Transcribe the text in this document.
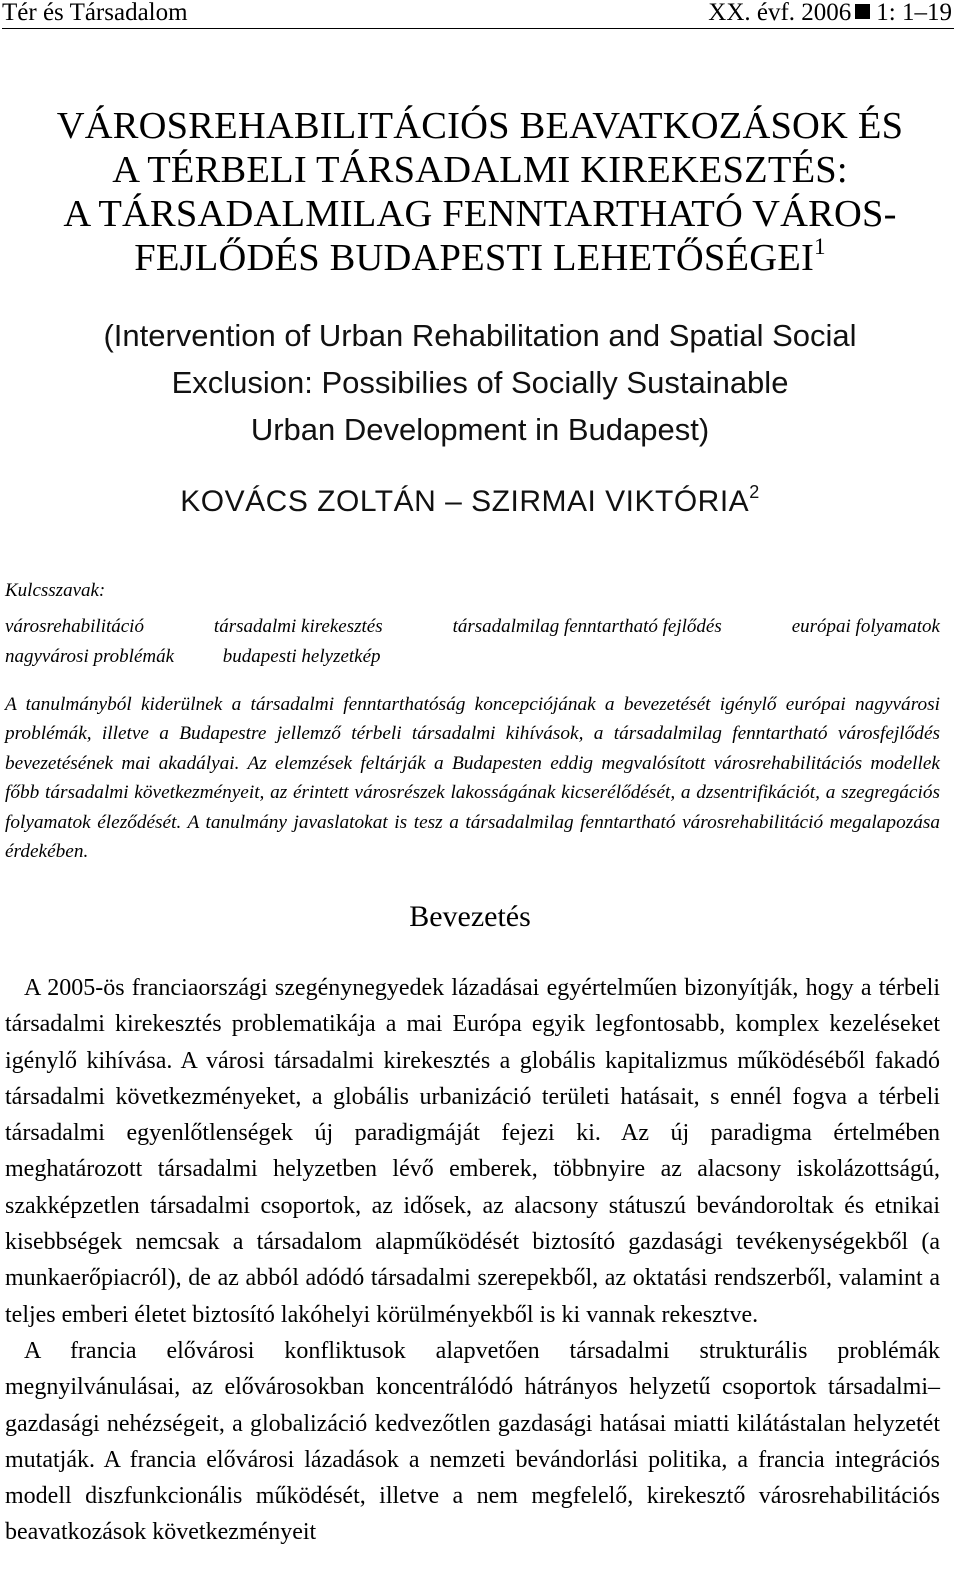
Tér és Társadalom	XX. évf. 2006 1: 1–19
VÁROSREHABILITÁCIÓS BEAVATKOZÁSOK ÉS
A TÉRBELI TÁRSADALMI KIREKESZTÉS:
A TÁRSADALMILAG FENNTARTHATÓ VÁROS-
FEJLŐDÉS BUDAPESTI LEHETŐSÉGEI$^1$
(Intervention of Urban Rehabilitation and Spatial Social
Exclusion: Possibilies of Socially Sustainable
Urban Development in Budapest)
KOVÁCS ZOLTÁN – SZIRMAI VIKTÓRIA$^2$
Kulcsszavak:
városrehabilitáció	társadalmi kirekesztés	társadalmilag fenntartható fejlődés	európai folyamatok
nagyvárosi problémák	budapesti helyzetkép

A tanulmányból kiderülnek a társadalmi fenntarthatóság koncepciójának a bevezetését igénylő európai nagyvárosi problémák, illetve a Budapestre jellemző térbeli társadalmi kihívások, a társadalmilag fenntartható városfejlődés bevezetésének mai akadályai. Az elemzések feltárják a Budapesten eddig megvalósított városrehabilitációs modellek főbb társadalmi következményeit, az érintett városrészek lakosságának kicserélődését, a dzsentrifikációt, a szegregációs folyamatok éleződését. A tanulmány javaslatokat is tesz a társadalmilag fenntartható városrehabilitáció megalapozása érdekében.

Bevezetés

A 2005-ös franciaországi szegénynegyedek lázadásai egyértelműen bizonyítják, hogy a térbeli társadalmi kirekesztés problematikája a mai Európa egyik legfontosabb, komplex kezeléseket igénylő kihívása. A városi társadalmi kirekesztés a globális kapitalizmus működéséből fakadó társadalmi következményeket, a globális urbanizáció területi hatásait, s ennél fogva a térbeli társadalmi egyenlőtlenségek új paradigmáját fejezi ki. Az új paradigma értelmében meghatározott társadalmi helyzetben lévő emberek, többnyire az alacsony iskolázottságú, szakképzetlen társadalmi csoportok, az idősek, az alacsony státuszú bevándoroltak és etnikai kisebbségek nemcsak a társadalom alapműködését biztosító gazdasági tevékenységekből (a munkaerőpiacról), de az abból adódó társadalmi szerepekből, az oktatási rendszerből, valamint a teljes emberi életet biztosító lakóhelyi körülményekből is ki vannak rekesztve.

A francia elővárosi konfliktusok alapvetően társadalmi strukturális problémák megnyilvánulásai, az elővárosokban koncentrálódó hátrányos helyzetű csoportok társadalmi–gazdasági nehézségeit, a globalizáció kedvezőtlen gazdasági hatásai miatti kilátástalan helyzetét mutatják. A francia elővárosi lázadások a nemzeti bevándorlási politika, a francia integrációs modell diszfunkcionális működését, illetve a nem megfelelő, kirekesztő városrehabilitációs beavatkozások következményeit
